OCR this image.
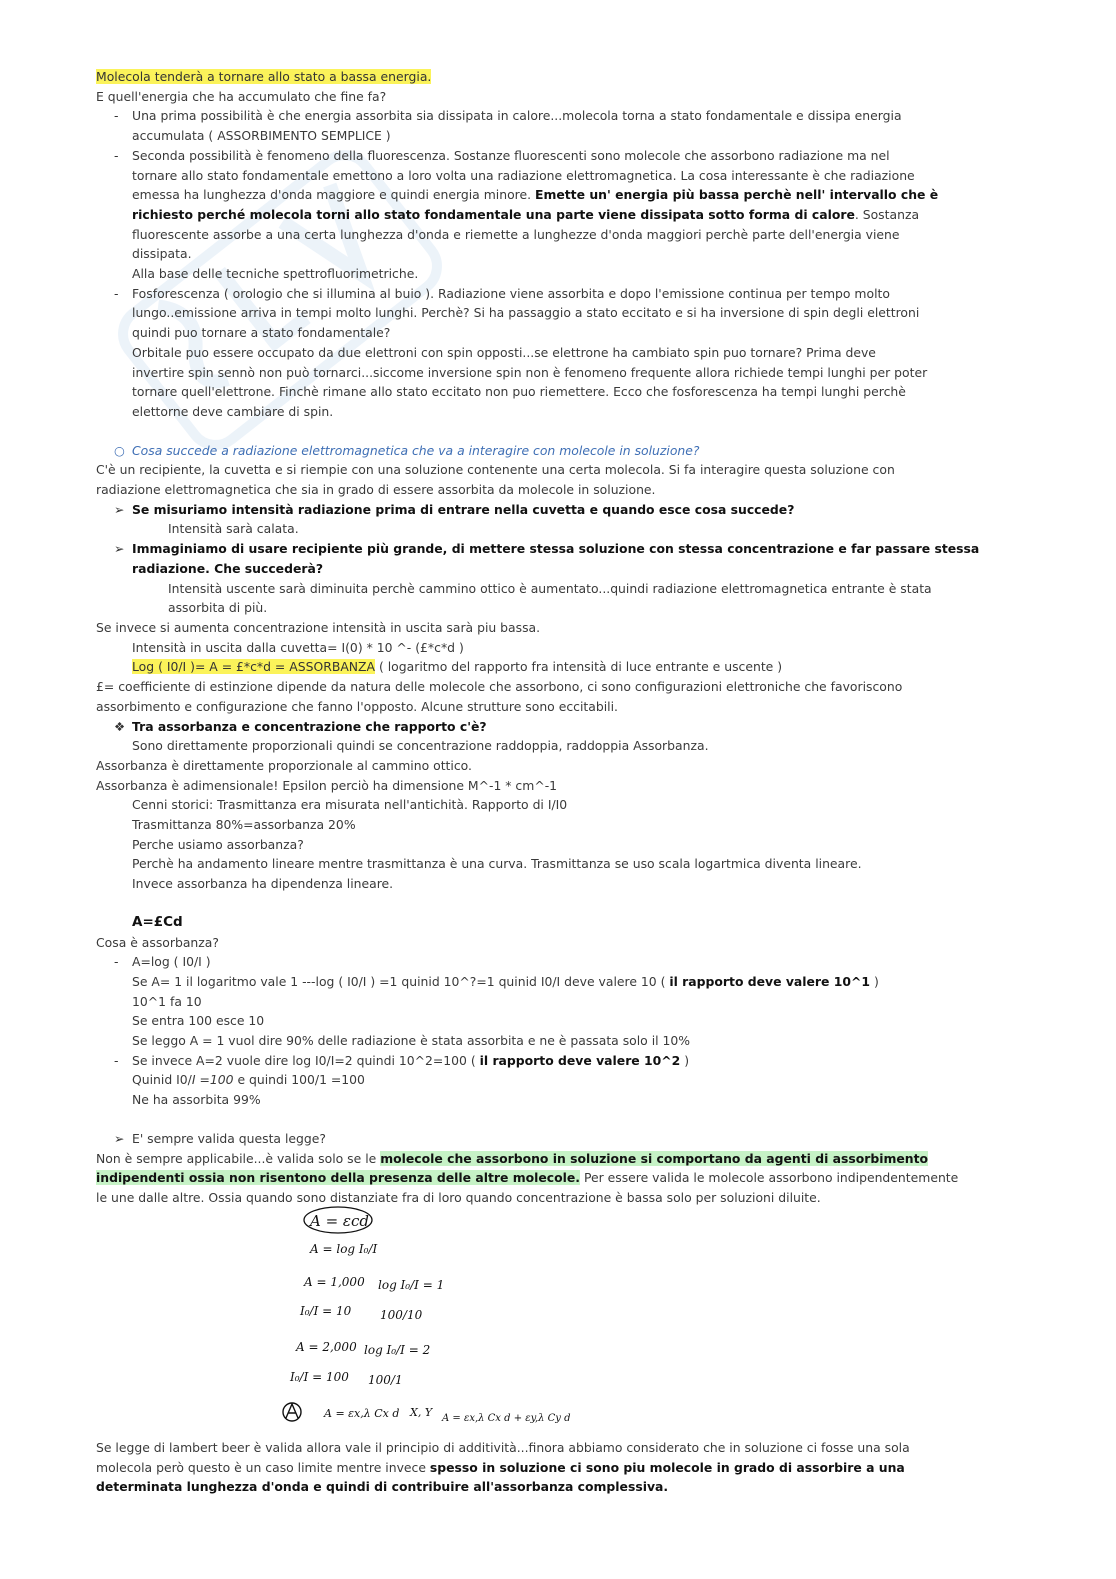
Molecola tenderà a tornare allo stato a bassa energia.

E quell'energia che ha accumulato che fine fa?

- Una prima possibilità è che energia assorbita sia dissipata in calore...molecola torna a stato fondamentale e dissipa energia

accumulata ( ASSORBIMENTO SEMPLICE )

- Seconda possibilità è fenomeno della fluorescenza. Sostanze fluorescenti sono molecole che assorbono radiazione ma nel

tornare allo stato fondamentale emettono a loro volta una radiazione elettromagnetica. La cosa interessante è che radiazione

emessa ha lunghezza d'onda maggiore e quindi energia minore. Emette un' energia più bassa perchè nell' intervallo che è

richiesto perché molecola torni allo stato fondamentale una parte viene dissipata sotto forma di calore. Sostanza

fluorescente assorbe a una certa lunghezza d'onda e riemette a lunghezze d'onda maggiori perchè parte dell'energia viene

dissipata.

Alla base delle tecniche spettrofluorimetriche.

- Fosforescenza ( orologio che si illumina al buio ). Radiazione viene assorbita e dopo l'emissione continua per tempo molto

lungo..emissione arriva in tempi molto lunghi. Perchè? Si ha passaggio a stato eccitato e si ha inversione di spin degli elettroni

quindi puo tornare a stato fondamentale?

Orbitale puo essere occupato da due elettroni con spin opposti...se elettrone ha cambiato spin puo tornare? Prima deve

invertire spin sennò non può tornarci...siccome inversione spin non è fenomeno frequente allora richiede tempi lunghi per poter

tornare quell'elettrone. Finchè rimane allo stato eccitato non puo riemettere. Ecco che fosforescenza ha tempi lunghi perchè

elettorne deve cambiare di spin.

○ Cosa succede a radiazione elettromagnetica che va a interagire con molecole in soluzione?

C'è un recipiente, la cuvetta e si riempie con una soluzione contenente una certa molecola. Si fa interagire questa soluzione con

radiazione elettromagnetica che sia in grado di essere assorbita da molecole in soluzione.

➢ Se misuriamo intensità radiazione prima di entrare nella cuvetta e quando esce cosa succede?

Intensità sarà calata.

➢ Immaginiamo di usare recipiente più grande, di mettere stessa soluzione con stessa concentrazione e far passare stessa

radiazione. Che succederà?

Intensità uscente sarà diminuita perchè cammino ottico è aumentato...quindi radiazione elettromagnetica entrante è stata

assorbita di più.

Se invece si aumenta concentrazione intensità in uscita sarà piu bassa.

Intensità in uscita dalla cuvetta= I(0) * 10 ^- (£*c*d )

Log ( I0/I )= A = £*c*d = ASSORBANZA ( logaritmo del rapporto fra intensità di luce entrante e uscente )

£= coefficiente di estinzione dipende da natura delle molecole che assorbono, ci sono configurazioni elettroniche che favoriscono

assorbimento e configurazione che fanno l'opposto. Alcune strutture sono eccitabili.

❖ Tra assorbanza e concentrazione che rapporto c'è?

Sono direttamente proporzionali quindi se concentrazione raddoppia, raddoppia Assorbanza.

Assorbanza è direttamente proporzionale al cammino ottico.

Assorbanza è adimensionale! Epsilon perciò ha dimensione M^-1 * cm^-1

Cenni storici: Trasmittanza era misurata nell'antichità. Rapporto di I/I0

Trasmittanza 80%=assorbanza 20%

Perche usiamo assorbanza?

Perchè ha andamento lineare mentre trasmittanza è una curva. Trasmittanza se uso scala logartmica diventa lineare.

Invece assorbanza ha dipendenza lineare.

A=£Cd

Cosa è assorbanza?

- A=log ( I0/I )

Se A= 1 il logaritmo vale 1 ---log ( I0/I ) =1 quinid 10^?=1 quinid I0/I deve valere 10 ( il rapporto deve valere 10^1 )

10^1 fa 10

Se entra 100 esce 10

Se leggo A = 1 vuol dire 90% delle radiazione è stata assorbita e ne è passata solo il 10%

- Se invece A=2 vuole dire log I0/I=2 quindi 10^2=100 ( il rapporto deve valere 10^2 )

Quinid I0/I =100 e quindi 100/1 =100

Ne ha assorbita 99%

➢ E' sempre valida questa legge?

Non è sempre applicabile...è valida solo se le molecole che assorbono in soluzione si comportano da agenti di assorbimento

indipendenti ossia non risentono della presenza delle altre molecole. Per essere valida le molecole assorbono indipendentemente

le une dalle altre. Ossia quando sono distanziate fra di loro quando concentrazione è bassa solo per soluzioni diluite.

A = εcd
A = log I₀/I
A = 1,000 log I₀/I = 1
I₀/I = 10 100/10
A = 2,000 log I₀/I = 2
I₀/I = 100 100/1
A = εx,λ Cx d X, Y A = εx,λ Cx d + εy,λ Cy d

Se legge di lambert beer è valida allora vale il principio di additività...finora abbiamo considerato che in soluzione ci fosse una sola

molecola però questo è un caso limite mentre invece spesso in soluzione ci sono piu molecole in grado di assorbire a una

determinata lunghezza d'onda e quindi di contribuire all'assorbanza complessiva.
